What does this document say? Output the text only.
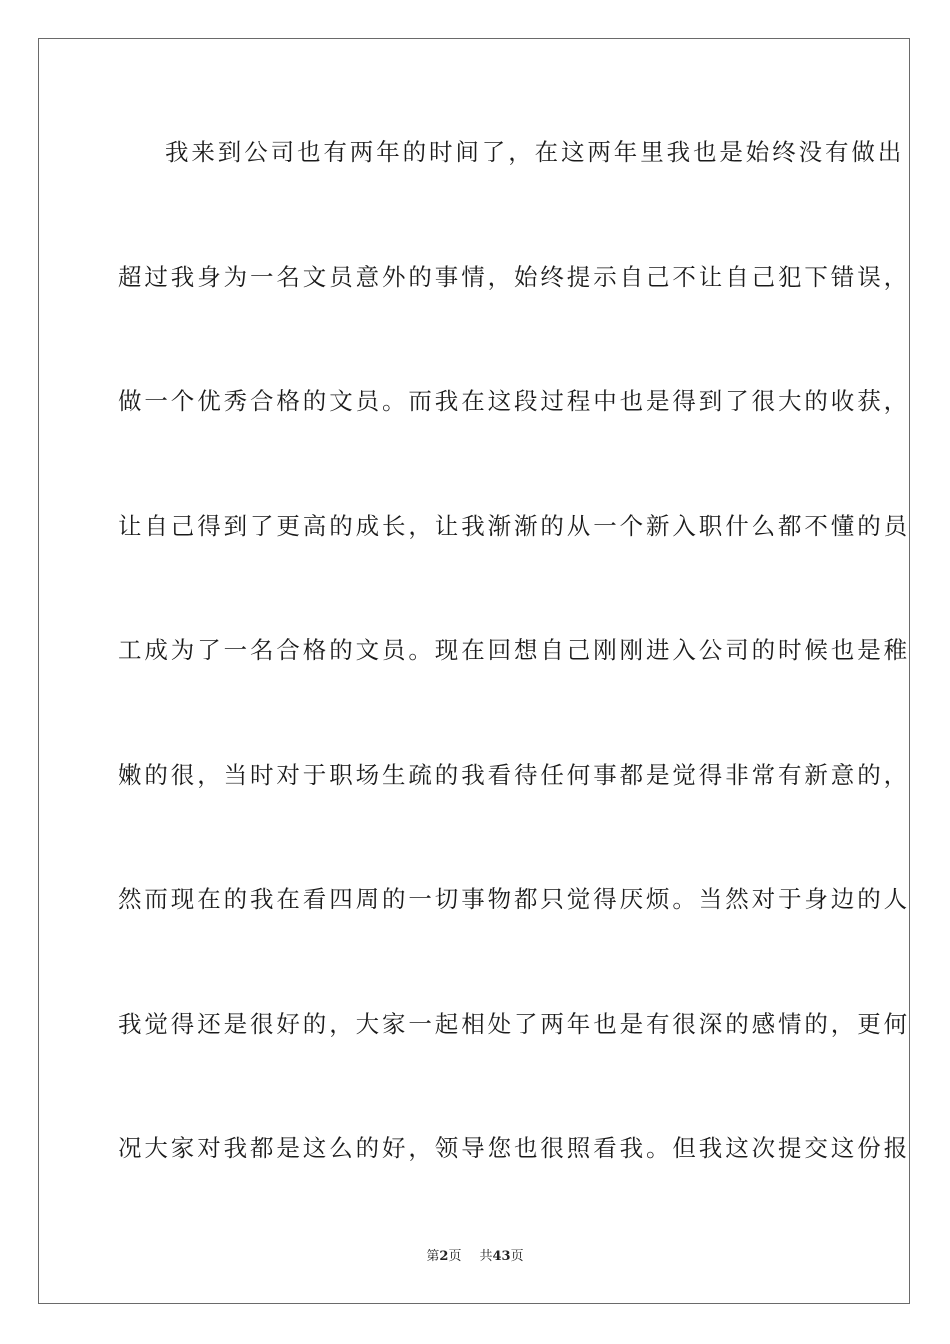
我来到公司也有两年的时间了，在这两年里我也是始终没有做出
超过我身为一名文员意外的事情，始终提示自己不让自己犯下错误，
做一个优秀合格的文员。而我在这段过程中也是得到了很大的收获，
让自己得到了更高的成长，让我渐渐的从一个新入职什么都不懂的员
工成为了一名合格的文员。现在回想自己刚刚进入公司的时候也是稚
嫩的很，当时对于职场生疏的我看待任何事都是觉得非常有新意的，
然而现在的我在看四周的一切事物都只觉得厌烦。当然对于身边的人
我觉得还是很好的，大家一起相处了两年也是有很深的感情的，更何
况大家对我都是这么的好，领导您也很照看我。但我这次提交这份报
第2页 共43页
